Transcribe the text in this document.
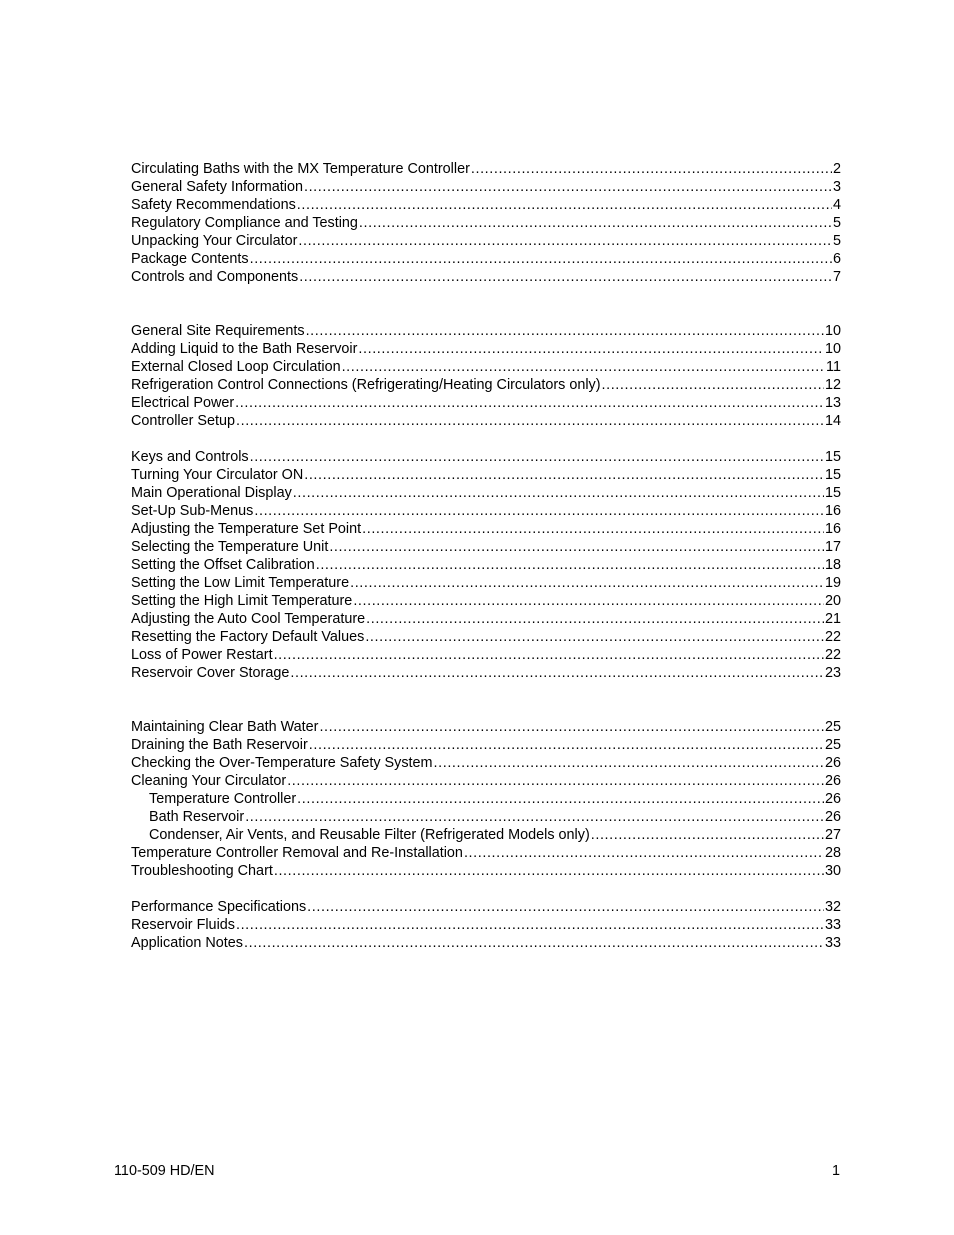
Circulating Baths with the MX Temperature Controller .....	2
General Safety Information .....	3
Safety Recommendations .....	4
Regulatory Compliance and Testing .....	5
Unpacking Your Circulator .....	5
Package Contents .....	6
Controls and Components .....	7
General Site Requirements .....	10
Adding Liquid to the Bath Reservoir .....	10
External Closed Loop Circulation .....	11
Refrigeration Control Connections (Refrigerating/Heating Circulators only) .....	12
Electrical Power .....	13
Controller Setup .....	14
Keys and Controls .....	15
Turning Your Circulator ON .....	15
Main Operational Display .....	15
Set-Up Sub-Menus .....	16
Adjusting the Temperature Set Point .....	16
Selecting the Temperature Unit .....	17
Setting the Offset Calibration .....	18
Setting the Low Limit Temperature .....	19
Setting the High Limit Temperature .....	20
Adjusting the Auto Cool Temperature .....	21
Resetting the Factory Default Values .....	22
Loss of Power Restart .....	22
Reservoir Cover Storage .....	23
Maintaining Clear Bath Water .....	25
Draining the Bath Reservoir .....	25
Checking the Over-Temperature Safety System .....	26
Cleaning Your Circulator .....	26
Temperature Controller .....	26
Bath Reservoir .....	26
Condenser, Air Vents, and Reusable Filter (Refrigerated Models only) .....	27
Temperature Controller Removal and Re-Installation .....	28
Troubleshooting Chart .....	30
Performance Specifications .....	32
Reservoir Fluids .....	33
Application Notes .....	33
110-509 HD/EN	1
